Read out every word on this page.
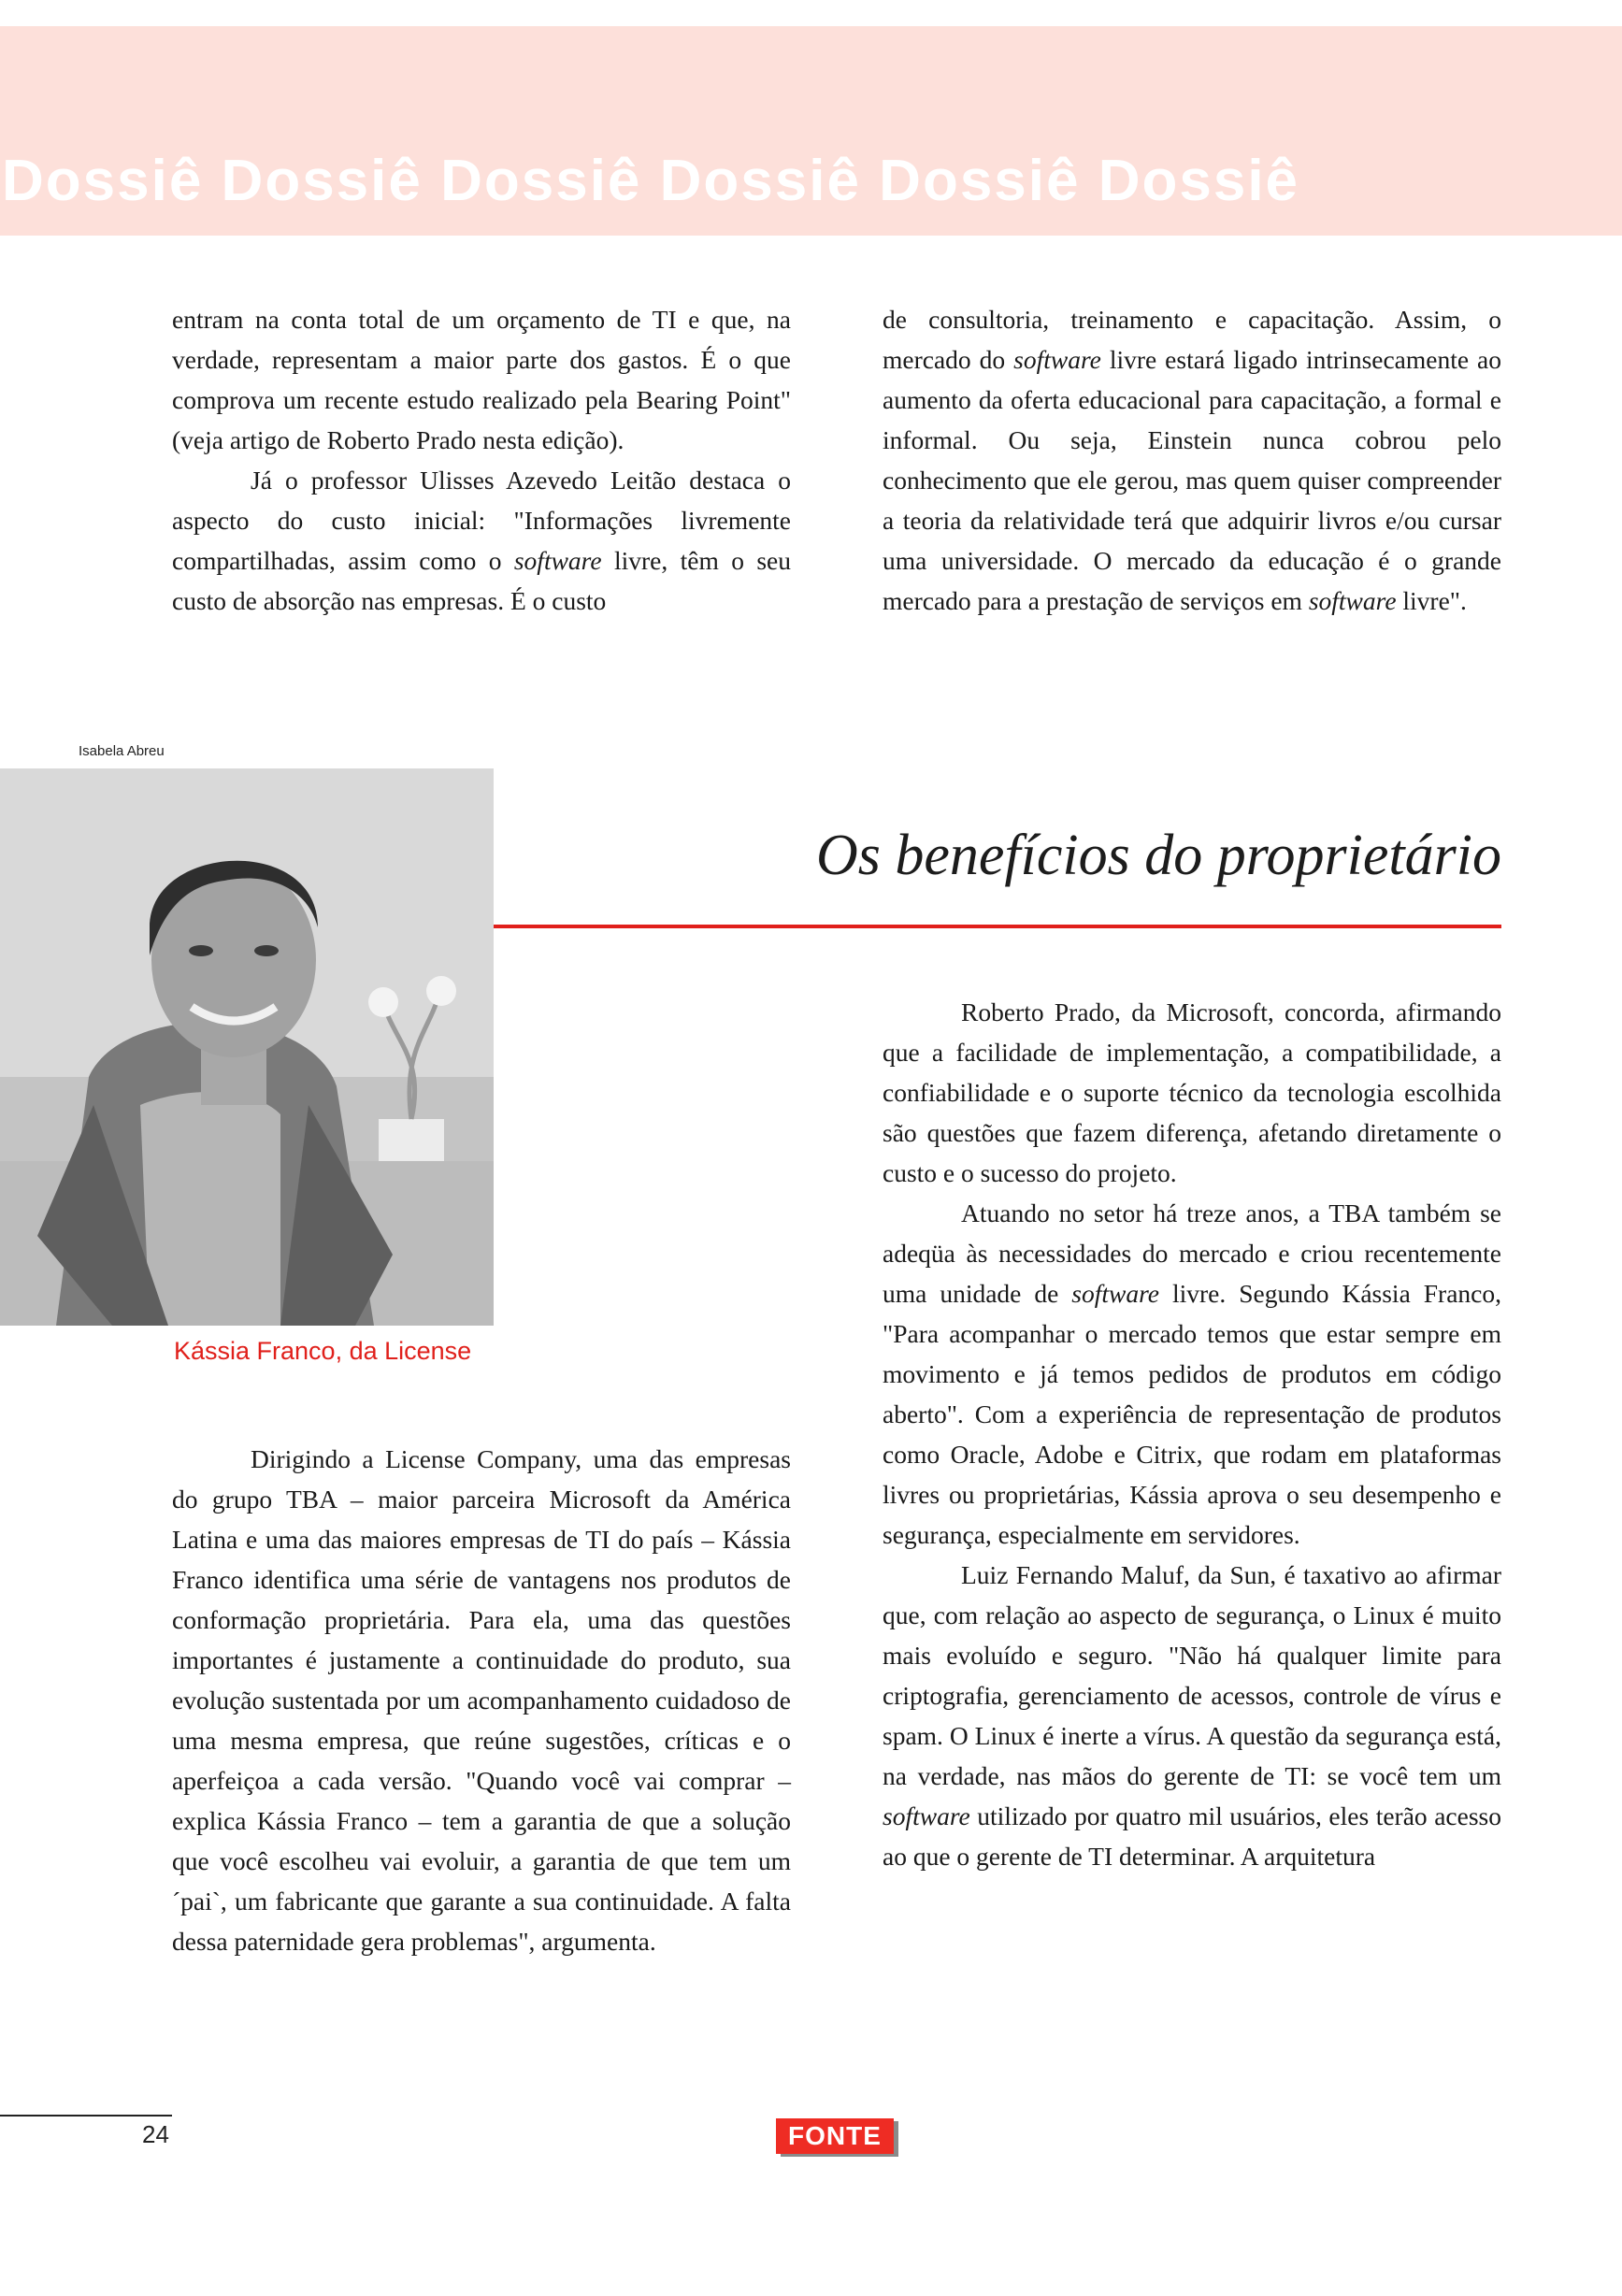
Dossiê Dossiê Dossiê Dossiê Dossiê Dossiê

entram na conta total de um orçamento de TI e que, na verdade, representam a maior parte dos gastos. É o que comprova um recente estudo realizado pela Bearing Point" (veja artigo de Roberto Prado nesta edição).

Já o professor Ulisses Azevedo Leitão destaca o aspecto do custo inicial: "Informações livremente compartilhadas, assim como o software livre, têm o seu custo de absorção nas empresas. É o custo

de consultoria, treinamento e capacitação. Assim, o mercado do software livre estará ligado intrinsecamente ao aumento da oferta educacional para capacitação, a formal e informal. Ou seja, Einstein nunca cobrou pelo conhecimento que ele gerou, mas quem quiser compreender a teoria da relatividade terá que adquirir livros e/ou cursar uma universidade. O mercado da educação é o grande mercado para a prestação de serviços em software livre".

Isabela Abreu
Kássia Franco, da License
Os benefícios do proprietário

Dirigindo a License Company, uma das empresas do grupo TBA – maior parceira Microsoft da América Latina e uma das maiores empresas de TI do país – Kássia Franco identifica uma série de vantagens nos produtos de conformação proprietária. Para ela, uma das questões importantes é justamente a continuidade do produto, sua evolução sustentada por um acompanhamento cuidadoso de uma mesma empresa, que reúne sugestões, críticas e o aperfeiçoa a cada versão. "Quando você vai comprar – explica Kássia Franco – tem a garantia de que a solução que você escolheu vai evoluir, a garantia de que tem um ´pai`, um fabricante que garante a sua continuidade. A falta dessa paternidade gera problemas", argumenta.

Roberto Prado, da Microsoft, concorda, afirmando que a facilidade de implementação, a compatibilidade, a confiabilidade e o suporte técnico da tecnologia escolhida são questões que fazem diferença, afetando diretamente o custo e o sucesso do projeto.

Atuando no setor há treze anos, a TBA também se adeqüa às necessidades do mercado e criou recentemente uma unidade de software livre. Segundo Kássia Franco, "Para acompanhar o mercado temos que estar sempre em movimento e já temos pedidos de produtos em código aberto". Com a experiência de representação de produtos como Oracle, Adobe e Citrix, que rodam em plataformas livres ou proprietárias, Kássia aprova o seu desempenho e segurança, especialmente em servidores.

Luiz Fernando Maluf, da Sun, é taxativo ao afirmar que, com relação ao aspecto de segurança, o Linux é muito mais evoluído e seguro. "Não há qualquer limite para criptografia, gerenciamento de acessos, controle de vírus e spam. O Linux é inerte a vírus. A questão da segurança está, na verdade, nas mãos do gerente de TI: se você tem um software utilizado por quatro mil usuários, eles terão acesso ao que o gerente de TI determinar. A arquitetura

24	FONTE
